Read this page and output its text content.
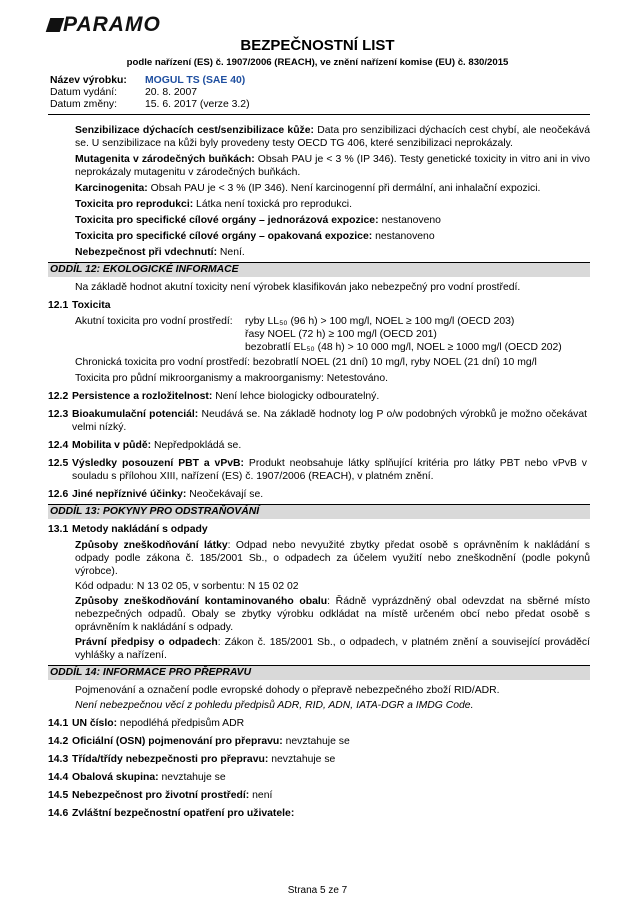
PARAMO
BEZPEČNOSTNÍ LIST
podle nařízení (ES) č. 1907/2006 (REACH), ve znění nařízení komise (EU) č. 830/2015
Název výrobku: MOGUL TS (SAE 40)
Datum vydání:	20. 8. 2007
Datum změny:	15. 6. 2017 (verze 3.2)

Senzibilizace dýchacích cest/senzibilizace kůže: Data pro senzibilizaci dýchacích cest chybí, ale neočekává se. U senzibilizace na kůži byly provedeny testy OECD TG 406, které senzibilizaci neprokázaly.

Mutagenita v zárodečných buňkách: Obsah PAU je < 3 % (IP 346). Testy genetické toxicity in vitro ani in vivo neprokázaly mutagenitu v zárodečných buňkách.

Karcinogenita: Obsah PAU je < 3 % (IP 346). Není karcinogenní při dermální, ani inhalační expozici.

Toxicita pro reprodukci: Látka není toxická pro reprodukci.

Toxicita pro specifické cílové orgány – jednorázová expozice: nestanoveno

Toxicita pro specifické cílové orgány – opakovaná expozice: nestanoveno

Nebezpečnost při vdechnutí: Není.

ODDÍL 12: EKOLOGICKÉ INFORMACE

Na základě hodnot akutní toxicity není výrobek klasifikován jako nebezpečný pro vodní prostředí.

12.1 Toxicita
Akutní toxicita pro vodní prostředí: ryby LL₅₀ (96 h) > 100 mg/l, NOEL ≥ 100 mg/l (OECD 203)
řasy NOEL (72 h) ≥ 100 mg/l (OECD 201)
bezobratlí EL₅₀ (48 h) > 10 000 mg/l, NOEL ≥ 1000 mg/l (OECD 202)

Chronická toxicita pro vodní prostředí: bezobratlí NOEL (21 dní) 10 mg/l, ryby NOEL (21 dní) 10 mg/l

Toxicita pro půdní mikroorganismy a makroorganismy: Netestováno.

12.2 Persistence a rozložitelnost: Není lehce biologicky odbouratelný.
12.3 Bioakumulační potenciál: Neudává se. Na základě hodnoty log P o/w podobných výrobků je možno očekávat velmi nízký.
12.4 Mobilita v půdě: Nepředpokládá se.
12.5 Výsledky posouzení PBT a vPvB: Produkt neobsahuje látky splňující kritéria pro látky PBT nebo vPvB v souladu s přílohou XIII, nařízení (ES) č. 1907/2006 (REACH), v platném znění.
12.6 Jiné nepříznivé účinky: Neočekávají se.
ODDÍL 13: POKYNY PRO ODSTRAŇOVÁNÍ
13.1 Metody nakládání s odpady

Způsoby zneškodňování látky: Odpad nebo nevyužité zbytky předat osobě s oprávněním k nakládání s odpady podle zákona č. 185/2001 Sb., o odpadech za účelem využití nebo zneškodnění (podle pokynů výrobce).

Kód odpadu: N 13 02 05, v sorbentu: N 15 02 02

Způsoby zneškodňování kontaminovaného obalu: Řádně vyprázdněný obal odevzdat na sběrné místo nebezpečných odpadů. Obaly se zbytky výrobku odkládat na místě určeném obcí nebo předat osobě s oprávněním k nakládání s odpady.

Právní předpisy o odpadech: Zákon č. 185/2001 Sb., o odpadech, v platném znění a související prováděcí vyhlášky a nařízení.

ODDÍL 14: INFORMACE PRO PŘEPRAVU

Pojmenování a označení podle evropské dohody o přepravě nebezpečného zboží RID/ADR.

Není nebezpečnou věcí z pohledu předpisů ADR, RID, ADN, IATA-DGR a IMDG Code.

14.1 UN číslo: nepodléhá předpisům ADR
14.2 Oficiální (OSN) pojmenování pro přepravu: nevztahuje se
14.3 Třída/třídy nebezpečnosti pro přepravu: nevztahuje se
14.4 Obalová skupina: nevztahuje se
14.5 Nebezpečnost pro životní prostředí: není
14.6 Zvláštní bezpečnostní opatření pro uživatele:
Strana 5 ze 7
